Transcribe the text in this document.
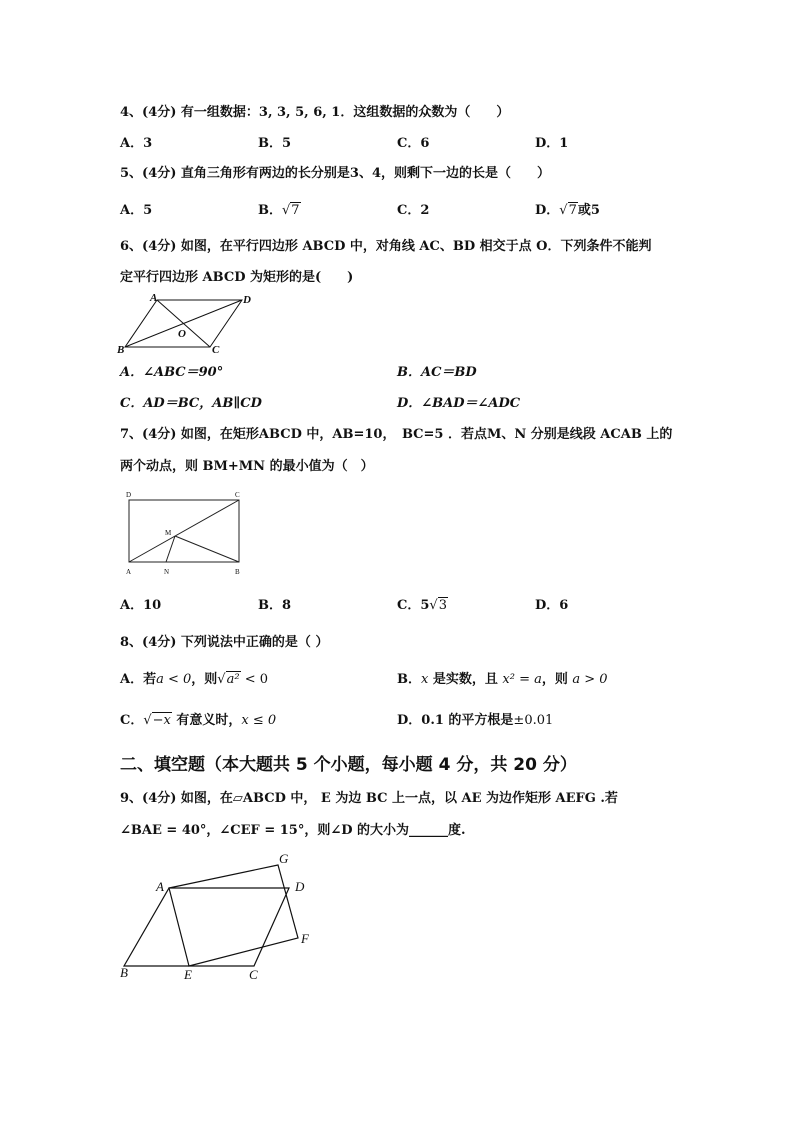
4、(4分) 有一组数据：3, 3, 5, 6, 1．这组数据的众数为（　　）
A．3	B．5	C．6	D．1
5、(4分) 直角三角形有两边的长分别是3、4，则剩下一边的长是（　　）
A．5	B．√7	C．2	D．√7或5
6、(4分) 如图，在平行四边形 ABCD 中，对角线 AC、BD 相交于点 O．下列条件不能判
定平行四边形 ABCD 为矩形的是(　　)
A	D
B	C
O
A．∠ABC＝90°	B．AC＝BD
C．AD＝BC，AB∥CD	D．∠BAD＝∠ADC
7、(4分) 如图，在矩形ABCD 中，AB=10，　BC=5 ．若点M、N 分别是线段 ACAB 上的
两个动点，则 BM+MN 的最小值为（　）
D	C
A	B
N
M
A．10	B．8	C．5√3	D．6
8、(4分) 下列说法中正确的是（ ）
A．若a < 0，则√a² < 0	B．x 是实数，且 x² = a，则 a > 0
C．√−x 有意义时，x ≤ 0	D．0.1 的平方根是±0.01
二、填空题（本大题共 5 个小题，每小题 4 分，共 20 分）
9、(4分) 如图，在▱ABCD 中， E 为边 BC 上一点，以 AE 为边作矩形 AEFG .若
∠BAE = 40°，∠CEF = 15°，则∠D 的大小为______度.
A	D
G
F
B	E	C
